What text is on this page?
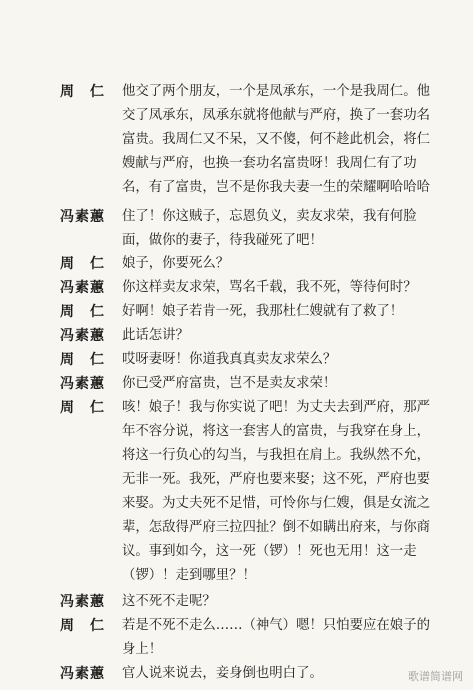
周　仁	他交了两个朋友，一个是凤承东，一个是我周仁。他
交了凤承东，凤承东就将他献与严府，换了一套功名
富贵。我周仁又不呆，又不傻，何不趁此机会，将仁
嫂献与严府，也换一套功名富贵呀！我周仁有了功
名，有了富贵，岂不是你我夫妻一生的荣耀啊哈哈哈
冯素蕙	住了！你这贼子，忘恩负义，卖友求荣，我有何脸
面，做你的妻子，待我碰死了吧！
周　仁	娘子，你要死么？
冯素蕙	你这样卖友求荣，骂名千载，我不死，等待何时？
周　仁	好啊！娘子若肯一死，我那杜仁嫂就有了救了！
冯素蕙	此话怎讲？
周　仁	哎呀妻呀！你道我真真卖友求荣么？
冯素蕙	你已受严府富贵，岂不是卖友求荣！
周　仁	咳！娘子！我与你实说了吧！为丈夫去到严府，那严
年不容分说，将这一套害人的富贵，与我穿在身上，
将这一行负心的勾当，与我担在肩上。我纵然不允，
无非一死。我死，严府也要来娶；这不死，严府也要
来娶。为丈夫死不足惜，可怜你与仁嫂，俱是女流之
辈，怎敌得严府三拉四扯？倒不如瞒出府来，与你商
议。事到如今，这一死（锣）！死也无用！这一走
（锣）！走到哪里？！
冯素蕙	这不死不走呢？
周　仁	若是不死不走么……（神气）嗯！只怕要应在娘子的
身上！
冯素蕙	官人说来说去，妾身倒也明白了。	歌谱简谱网
